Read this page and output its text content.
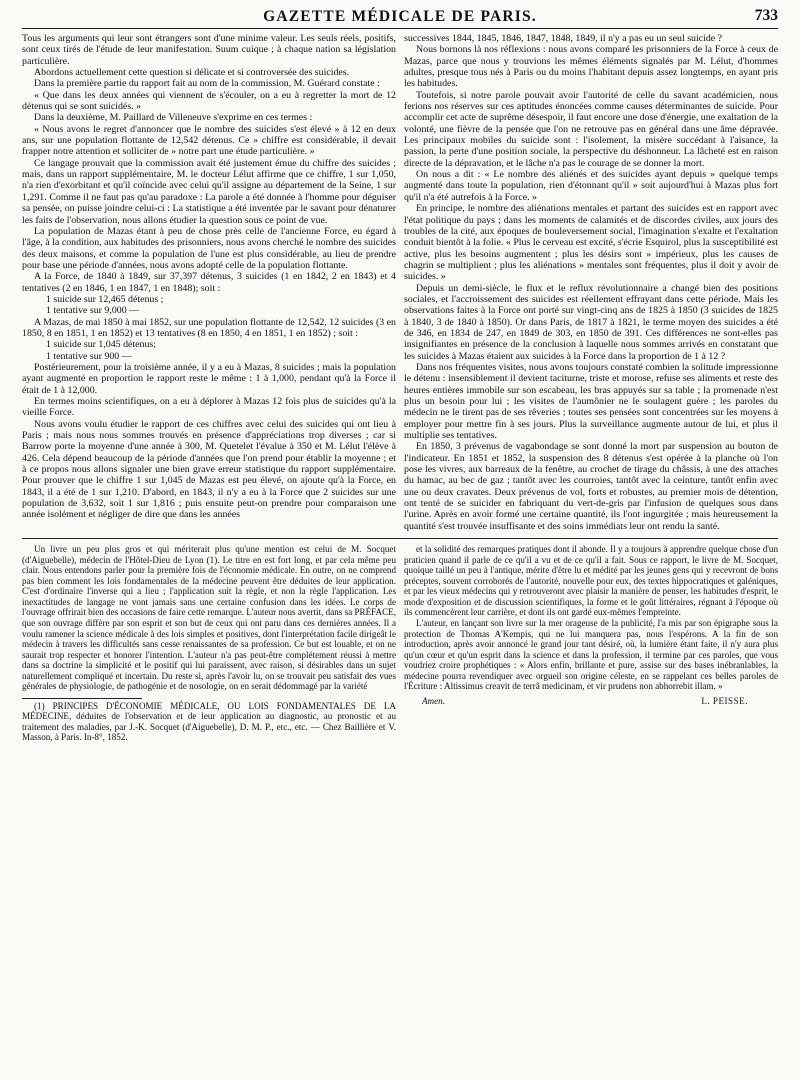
GAZETTE MÉDICALE DE PARIS.	733

Tous les arguments qui leur sont étrangers sont d'une minime valeur. Les seuls réels, positifs, sont ceux tirés de l'étude de leur manifestation. Suum cuique ; à chaque nation sa législation particulière.

Abordons actuellement cette question si délicate et si controversée des suicides.

Dans la première partie du rapport fait au nom de la commission, M. Guérard constate :

« Que dans les deux années qui viennent de s'écouler, on a eu à regretter la mort de 12 détenus qui se sont suicidés. »

Dans la deuxième, M. Paillard de Villeneuve s'exprime en ces termes :

« Nous avons le regret d'annoncer que le nombre des suicides s'est élevé » à 12 en deux ans, sur une population flottante de 12,542 détenus. Ce » chiffre est considérable, il devait frapper notre attention et solliciter de » notre part une étude particulière. »

Ce langage prouvait que la commission avait été justement émue du chiffre des suicides ; mais, dans un rapport supplémentaire, M. le docteur Lélut affirme que ce chiffre, 1 sur 1,050, n'a rien d'exorbitant et qu'il coïncide avec celui qu'il assigne au département de la Seine, 1 sur 1,291. Comme il ne faut pas qu'au paradoxe : La parole a été donnée à l'homme pour déguiser sa pensée, on puisse joindre celui-ci : La statistique a été inventée par le savant pour dénaturer les faits de l'observation, nous allons étudier la question sous ce point de vue.

La population de Mazas étant à peu de chose près celle de l'ancienne Force, eu égard à l'âge, à la condition, aux habitudes des prisonniers, nous avons cherché le nombre des suicides des deux maisons, et comme la population de l'une est plus considérable, au lieu de prendre pour base une période d'années, nous avons adopté celle de la population flottante.

A la Force, de 1840 à 1849, sur 37,397 détenus, 3 suicides (1 en 1842, 2 en 1843) et 4 tentatives (2 en 1846, 1 en 1847, 1 en 1848); soit :

1 suicide sur 12,465 détenus ;

1 tentative sur 9,000 —

A Mazas, de mai 1850 à mai 1852, sur une population flottante de 12,542, 12 suicides (3 en 1850, 8 en 1851, 1 en 1852) et 13 tentatives (8 en 1850, 4 en 1851, 1 en 1852) ; soit :

1 suicide sur 1,045 détenus;

1 tentative sur 900 —

Postérieurement, pour la troisième année, il y a eu à Mazas, 8 suicides ; mais la population ayant augmenté en proportion le rapport reste le même : 1 à 1,000, pendant qu'à la Force il était de 1 à 12,000.

En termes moins scientifiques, on a eu à déplorer à Mazas 12 fois plus de suicides qu'à la vieille Force.

Nous avons voulu étudier le rapport de ces chiffres avec celui des suicides qui ont lieu à Paris ; mais nous nous sommes trouvés en présence d'appréciations trop diverses ; car si Barrow porte la moyenne d'une année à 300, M. Quetelet l'évalue à 350 et M. Lélut l'élève à 426. Cela dépend beaucoup de la période d'années que l'on prend pour établir la moyenne ; et à ce propos nous allons signaler une bien grave erreur statistique du rapport supplémentaire. Pour prouver que le chiffre 1 sur 1,045 de Mazas est peu élevé, on ajoute qu'à la Force, en 1843, il a été de 1 sur 1,210. D'abord, en 1843, il n'y a eu à la Force que 2 suicides sur une population de 3,632, soit 1 sur 1,816 ; puis ensuite peut-on prendre pour comparaison une année isolément et négliger de dire que dans les années

successives 1844, 1845, 1846, 1847, 1848, 1849, il n'y a pas eu un seul suicide ?

Nous bornons là nos réflexions : nous avons comparé les prisonniers de la Force à ceux de Mazas, parce que nous y trouvions les mêmes éléments signalés par M. Lélut, d'hommes adultes, presque tous nés à Paris ou du moins l'habitant depuis assez longtemps, en ayant pris les habitudes.

Toutefois, si notre parole pouvait avoir l'autorité de celle du savant académicien, nous ferions nos réserves sur ces aptitudes énoncées comme causes déterminantes de suicide. Pour accomplir cet acte de suprême désespoir, il faut encore une dose d'énergie, une exaltation de la volonté, une fièvre de la pensée que l'on ne retrouve pas en général dans une âme dépravée. Les principaux mobiles du suicide sont : l'isolement, la misère succédant à l'aisance, la passion, la perte d'une position sociale, la perspective du déshonneur. La lâcheté est en raison directe de la dépravation, et le lâche n'a pas le courage de se donner la mort.

On nous a dit : « Le nombre des aliénés et des suicides ayant depuis » quelque temps augmenté dans toute la population, rien d'étonnant qu'il » soit aujourd'hui à Mazas plus fort qu'il n'a été autrefois à la Force. »

En principe, le nombre des aliénations mentales et partant des suicides est en rapport avec l'état politique du pays ; dans les moments de calamités et de discordes civiles, aux jours des troubles de la cité, aux époques de bouleversement social, l'imagination s'exalte et l'exaltation conduit bientôt à la folie. « Plus le cerveau est excité, s'écrie Esquirol, plus la susceptibilité est active, plus les besoins augmentent ; plus les désirs sont » impérieux, plus les causes de chagrin se multiplient ; plus les aliénations » mentales sont fréquentes, plus il doit y avoir de suicides. »

Depuis un demi-siècle, le flux et le reflux révolutionnaire a changé bien des positions sociales, et l'accroissement des suicides est réellement effrayant dans cette période. Mais les observations faites à la Force ont porté sur vingt-cinq ans de 1825 à 1850 (3 suicides de 1825 à 1840, 3 de 1840 à 1850). Or dans Paris, de 1817 à 1821, le terme moyen des suicides a été de 346, en 1834 de 247, en 1849 de 303, en 1850 de 391. Ces différences ne sont-elles pas insignifiantes en présence de la conclusion à laquelle nous sommes arrivés en constatant que les suicides à Mazas étaient aux suicides à la Force dans la proportion de 1 à 12 ?

Dans nos fréquentes visites, nous avons toujours constaté combien la solitude impressionne le détenu : insensiblement il devient taciturne, triste et morose, refuse ses aliments et reste des heures entières immobile sur son escabeau, les bras appuyés sur sa table ; la promenade n'est plus un besoin pour lui ; les visites de l'aumônier ne le soulagent guère ; les paroles du médecin ne le tirent pas de ses rêveries ; toutes ses pensées sont concentrées sur les moyens à employer pour mettre fin à ses jours. Plus la surveillance augmente autour de lui, et plus il multiplie ses tentatives.

En 1850, 3 prévenus de vagabondage se sont donné la mort par suspension au bouton de l'indicateur. En 1851 et 1852, la suspension des 8 détenus s'est opérée à la planche où l'on pose les vivres, aux barreaux de la fenêtre, au crochet de tirage du châssis, à une des attaches du hamac, au bec de gaz ; tantôt avec les courroies, tantôt avec la ceinture, tantôt enfin avec une ou deux cravates. Deux prévenus de vol, forts et robustes, au premier mois de détention, ont tenté de se suicider en fabriquant du vert-de-gris par l'infusion de quelques sous dans l'urine. Après en avoir formé une certaine quantité, ils l'ont ingurgitée ; mais heureusement la quantité s'est trouvée insuffisante et des soins immédiats leur ont rendu la santé.

Un livre un peu plus gros et qui mériterait plus qu'une mention est celui de M. Socquet (d'Aiguebelle), médecin de l'Hôtel-Dieu de Lyon (1). Le titre en est fort long, et par cela même peu clair. Nous entendons parler pour la première fois de l'économie médicale. En outre, on ne comprend pas bien comment les lois fondamentales de la médecine peuvent être déduites de leur application. C'est d'ordinaire l'inverse qui a lieu ; l'application suit la règle, et non la règle l'application. Les inexactitudes de langage ne vont jamais sans une certaine confusion dans les idées. Le corps de l'ouvrage offrirait bien des occasions de faire cette remarque. L'auteur nous avertit, dans sa PRÉFACE, que son ouvrage diffère par son esprit et son but de ceux qui ont paru dans ces dernières années. Il a voulu ramener la science médicale à des lois simples et positives, dont l'interprétation facile dirigeât le médecin à travers les difficultés sans cesse renaissantes de sa profession. Ce but est louable, et on ne saurait trop respecter et honorer l'intention. L'auteur n'a pas peut-être complétement réussi à mettre dans sa doctrine la simplicité et le positif qui lui paraissent, avec raison, si désirables dans un sujet naturellement compliqué et incertain. Du reste si, après l'avoir lu, on se trouvait peu satisfait des vues générales de physiologie, de pathogénie et de nosologie, on en serait dédommagé par la variété

(1) PRINCIPES D'ÉCONOMIE MÉDICALE, OU LOIS FONDAMENTALES DE LA MÉDECINE, déduites de l'observation et de leur application au diagnostic, au pronostic et au traitement des maladies, par J.-K. Socquet (d'Aiguebelle), D. M. P., etc., etc. — Chez Baillière et V. Masson, à Paris. In-8°, 1852.

et la solidité des remarques pratiques dont il abonde. Il y a toujours à apprendre quelque chose d'un praticien quand il parle de ce qu'il a vu et de ce qu'il a fait. Sous ce rapport, le livre de M. Socquet, quoique taillé un peu à l'antique, mérite d'être lu et médité par les jeunes gens qui y recevront de bons préceptes, souvent corroborés de l'autorité, nouvelle pour eux, des textes hippocratiques et galéniques, et par les vieux médecins qui y retrouveront avec plaisir la manière de penser, les habitudes d'esprit, le mode d'exposition et de discussion scientifiques, la forme et le goût littéraires, régnant à l'époque où ils commencèrent leur carrière, et dont ils ont gardé eux-mêmes l'empreinte.

L'auteur, en lançant son livre sur la mer orageuse de la publicité, l'a mis par son épigraphe sous la protection de Thomas A'Kempis, qui ne lui manquera pas, nous l'espérons. A la fin de son introduction, après avoir annoncé le grand jour tant désiré, où, la lumière étant faite, il n'y aura plus qu'un cœur et qu'un esprit dans la science et dans la profession, il termine par ces paroles, que vous voudriez croire prophétiques : « Alors enfin, brillante et pure, assise sur des bases inébranlables, la médecine pourra revendiquer avec orgueil son origine céleste, en se rappelant ces belles paroles de l'Écriture : Altissimus creavit de terrâ medicinam, et vir prudens non abhorrebit illam. »

Amen.	L. PEISSE.
